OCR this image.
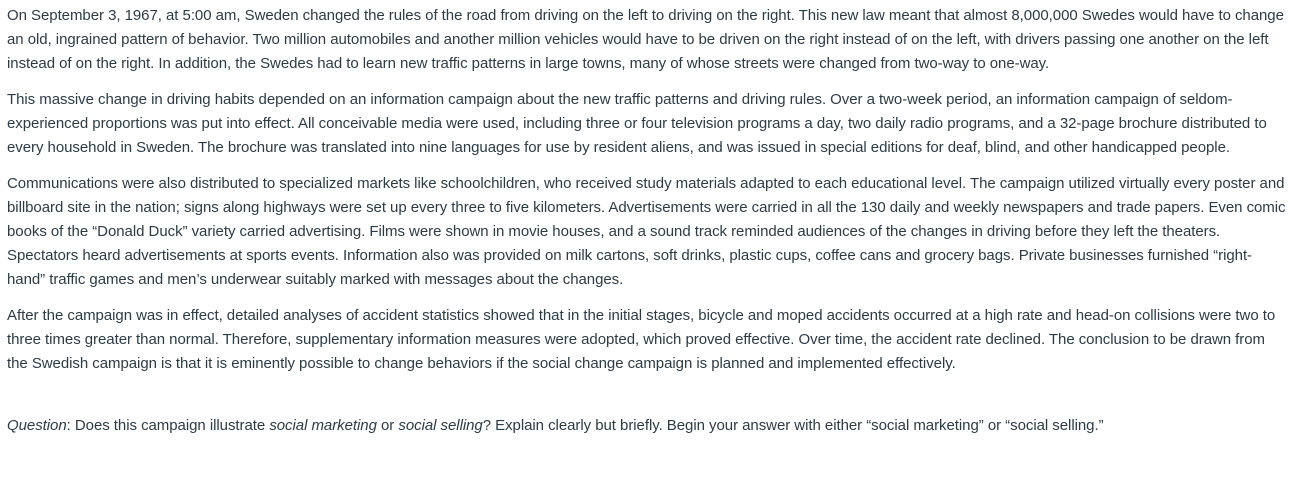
On September 3, 1967, at 5:00 am, Sweden changed the rules of the road from driving on the left to driving on the right. This new law meant that almost 8,000,000 Swedes would have to change an old, ingrained pattern of behavior. Two million automobiles and another million vehicles would have to be driven on the right instead of on the left, with drivers passing one another on the left instead of on the right. In addition, the Swedes had to learn new traffic patterns in large towns, many of whose streets were changed from two-way to one-way.

This massive change in driving habits depended on an information campaign about the new traffic patterns and driving rules. Over a two-week period, an information campaign of seldom-experienced proportions was put into effect. All conceivable media were used, including three or four television programs a day, two daily radio programs, and a 32-page brochure distributed to every household in Sweden. The brochure was translated into nine languages for use by resident aliens, and was issued in special editions for deaf, blind, and other handicapped people.

Communications were also distributed to specialized markets like schoolchildren, who received study materials adapted to each educational level. The campaign utilized virtually every poster and billboard site in the nation; signs along highways were set up every three to five kilometers. Advertisements were carried in all the 130 daily and weekly newspapers and trade papers. Even comic books of the “Donald Duck” variety carried advertising. Films were shown in movie houses, and a sound track reminded audiences of the changes in driving before they left the theaters. Spectators heard advertisements at sports events. Information also was provided on milk cartons, soft drinks, plastic cups, coffee cans and grocery bags. Private businesses furnished “right-hand” traffic games and men’s underwear suitably marked with messages about the changes.

After the campaign was in effect, detailed analyses of accident statistics showed that in the initial stages, bicycle and moped accidents occurred at a high rate and head-on collisions were two to three times greater than normal. Therefore, supplementary information measures were adopted, which proved effective. Over time, the accident rate declined. The conclusion to be drawn from the Swedish campaign is that it is eminently possible to change behaviors if the social change campaign is planned and implemented effectively.

Question: Does this campaign illustrate social marketing or social selling? Explain clearly but briefly. Begin your answer with either “social marketing” or “social selling.”
